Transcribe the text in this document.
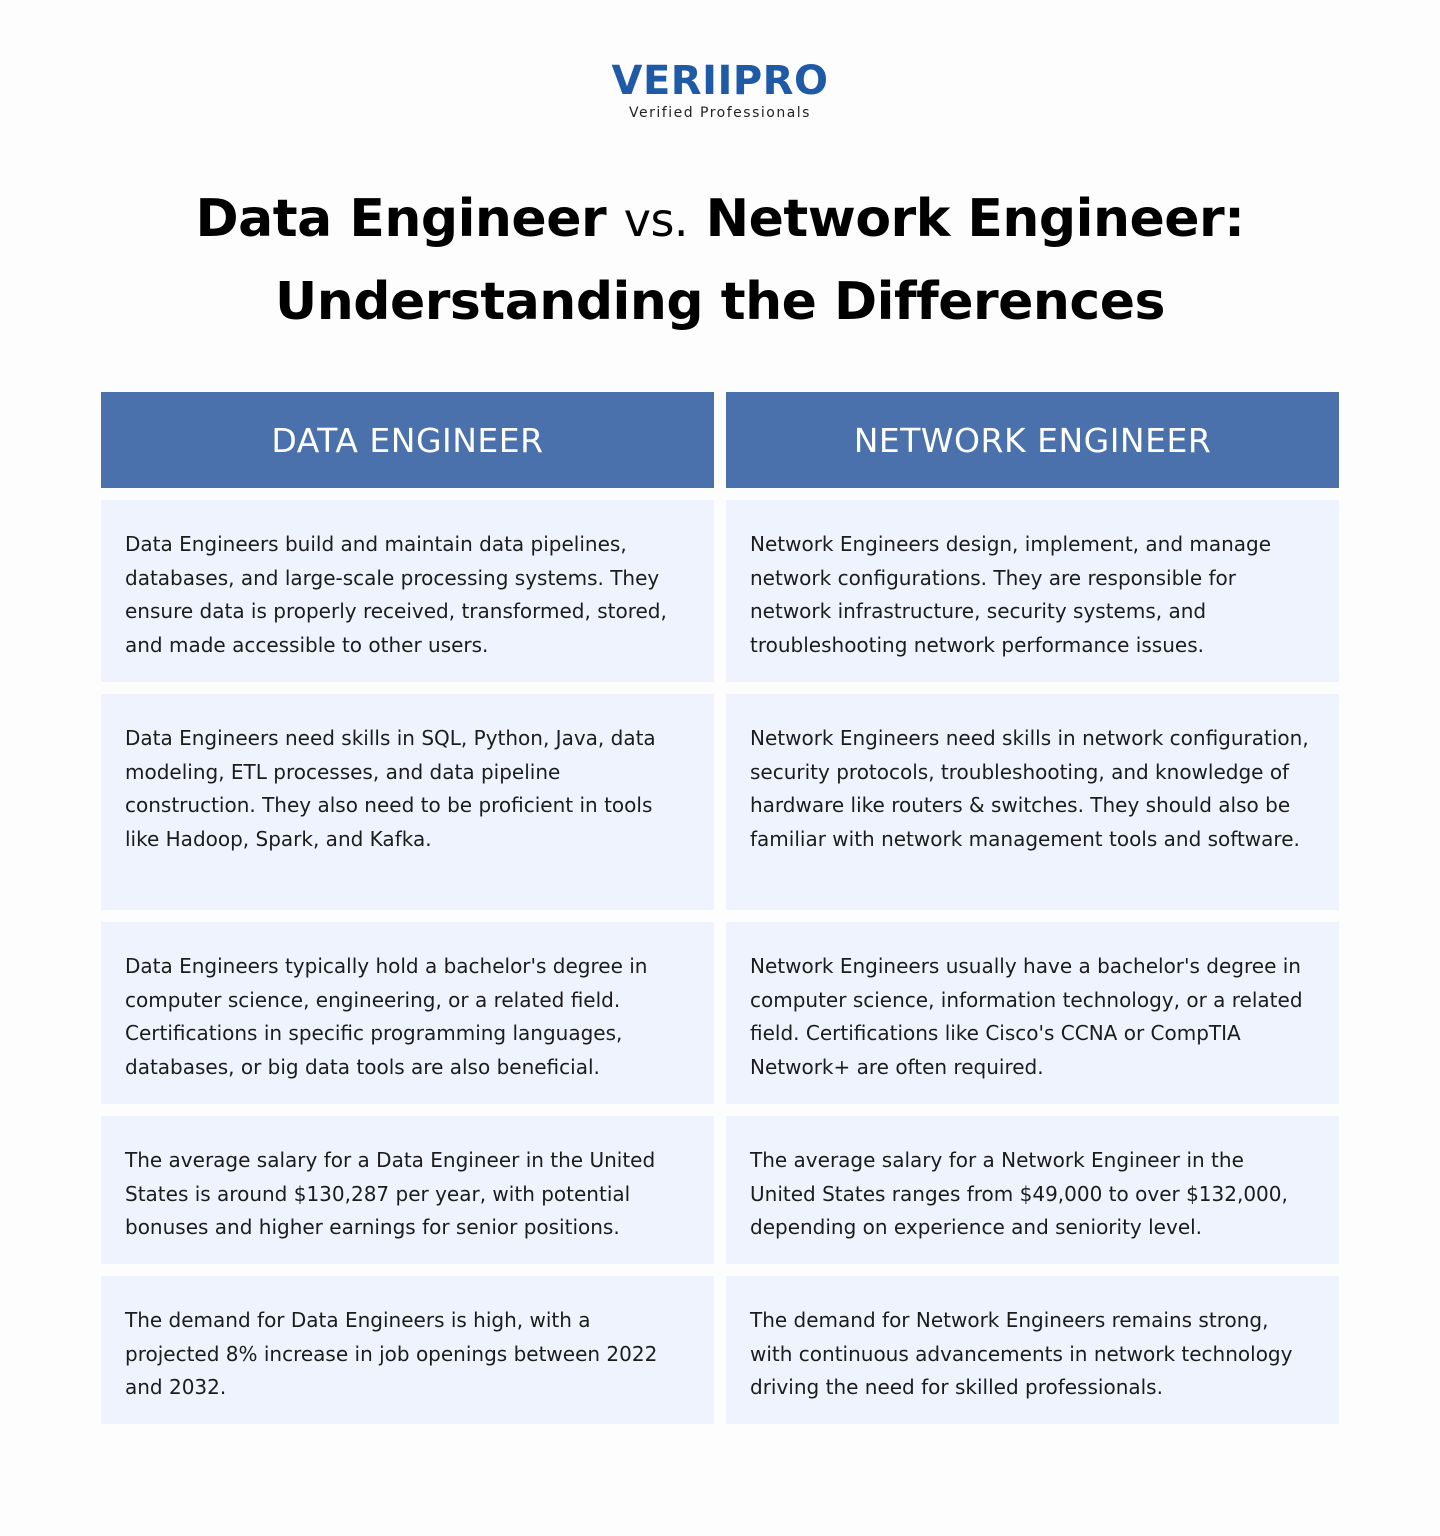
VERIIPRO
Verified Professionals
Data Engineer vs. Network Engineer:
Understanding the Differences
DATA ENGINEER	NETWORK ENGINEER
Data Engineers build and maintain data pipelines, databases, and large-scale processing systems. They ensure data is properly received, transformed, stored, and made accessible to other users.
Network Engineers design, implement, and manage network configurations. They are responsible for network infrastructure, security systems, and troubleshooting network performance issues.
Data Engineers need skills in SQL, Python, Java, data modeling, ETL processes, and data pipeline construction. They also need to be proficient in tools like Hadoop, Spark, and Kafka.
Network Engineers need skills in network configuration, security protocols, troubleshooting, and knowledge of hardware like routers & switches. They should also be familiar with network management tools and software.
Data Engineers typically hold a bachelor's degree in computer science, engineering, or a related field. Certifications in specific programming languages, databases, or big data tools are also beneficial.
Network Engineers usually have a bachelor's degree in computer science, information technology, or a related field. Certifications like Cisco's CCNA or CompTIA Network+ are often required.
The average salary for a Data Engineer in the United States is around $130,287 per year, with potential bonuses and higher earnings for senior positions.
The average salary for a Network Engineer in the United States ranges from $49,000 to over $132,000, depending on experience and seniority level.
The demand for Data Engineers is high, with a projected 8% increase in job openings between 2022 and 2032.
The demand for Network Engineers remains strong, with continuous advancements in network technology driving the need for skilled professionals.
